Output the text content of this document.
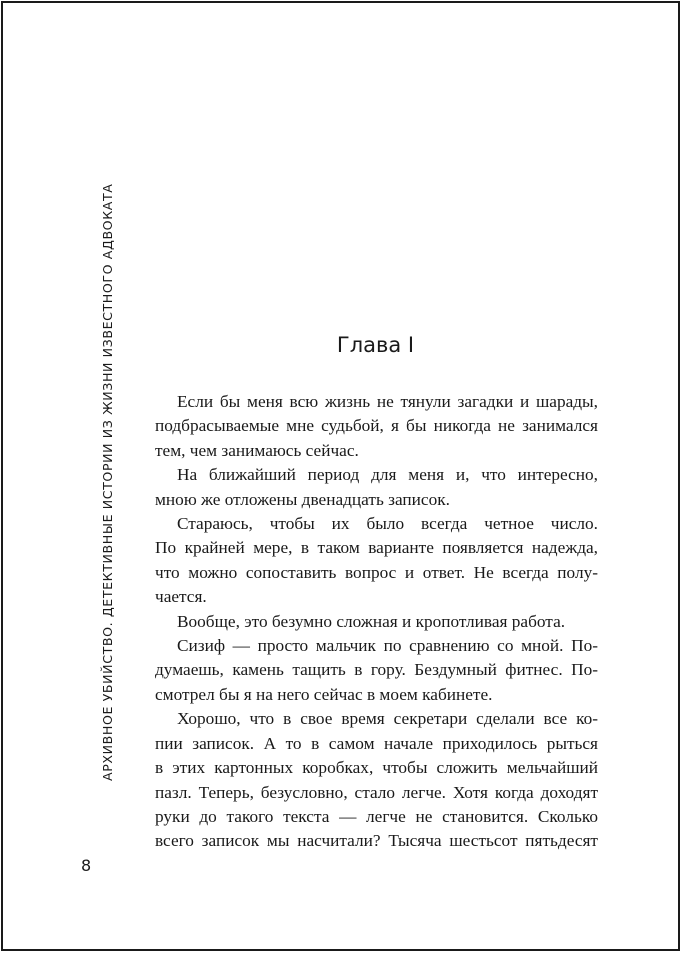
АРХИВНОЕ УБИЙСТВО. ДЕТЕКТИВНЫЕ ИСТОРИИ ИЗ ЖИЗНИ ИЗВЕСТНОГО АДВОКАТА
8
Глава I
Если бы меня всю жизнь не тянули загадки и шарады,
подбрасываемые мне судьбой, я бы никогда не занимался
тем, чем занимаюсь сейчас.
На ближайший период для меня и, что интересно,
мною же отложены двенадцать записок.
Стараюсь, чтобы их было всегда четное число.
По крайней мере, в таком варианте появляется надежда,
что можно сопоставить вопрос и ответ. Не всегда полу-
чается.
Вообще, это безумно сложная и кропотливая работа.
Сизиф — просто мальчик по сравнению со мной. По-
думаешь, камень тащить в гору. Бездумный фитнес. По-
смотрел бы я на него сейчас в моем кабинете.
Хорошо, что в свое время секретари сделали все ко-
пии записок. А то в самом начале приходилось рыться
в этих картонных коробках, чтобы сложить мельчайший
пазл. Теперь, безусловно, стало легче. Хотя когда доходят
руки до такого текста — легче не становится. Сколько
всего записок мы насчитали? Тысяча шестьсот пятьдесят
